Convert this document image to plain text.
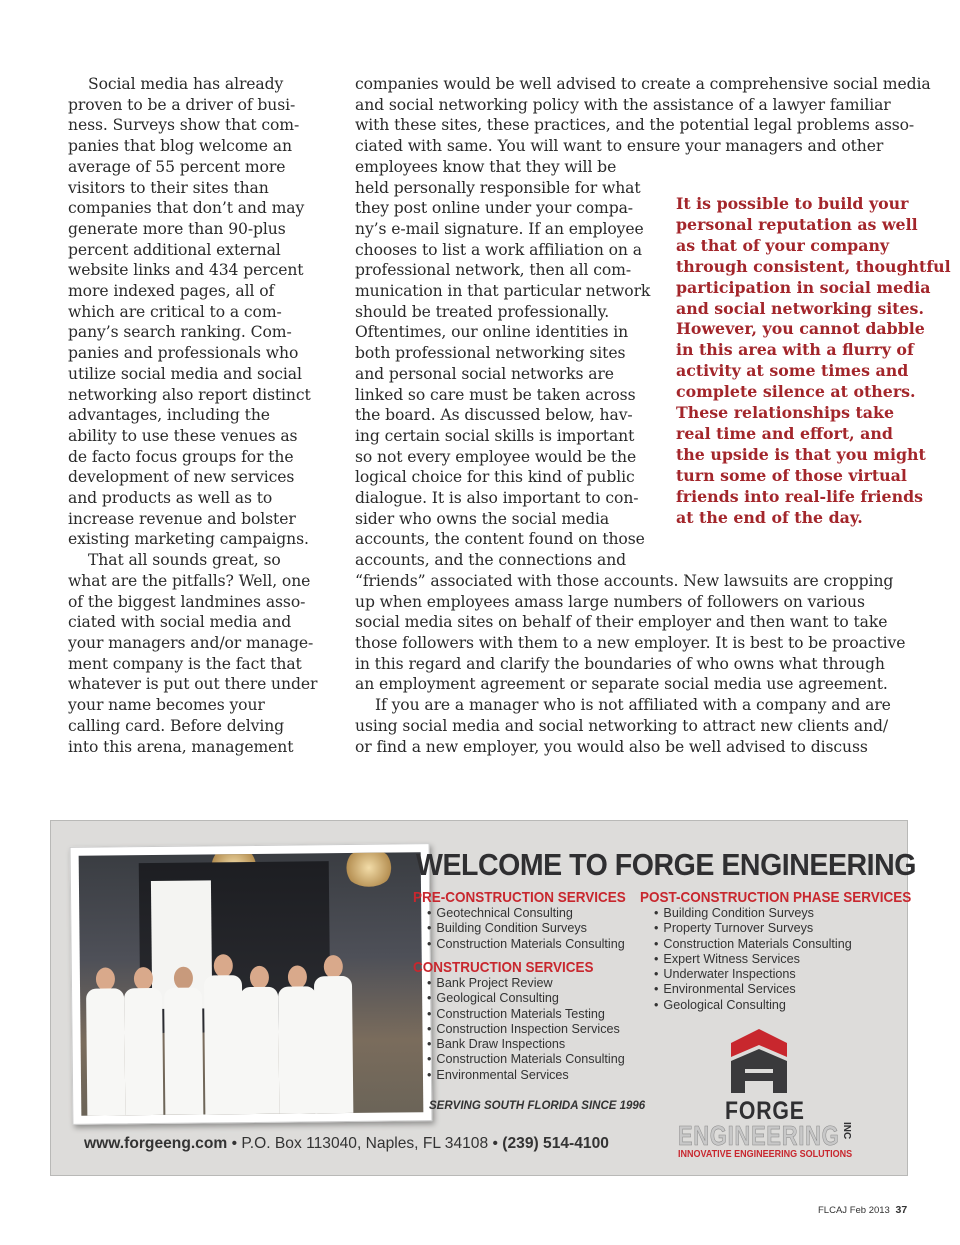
Social media has already
proven to be a driver of busi-
ness. Surveys show that com-
panies that blog welcome an
average of 55 percent more
visitors to their sites than
companies that don’t and may
generate more than 90-plus
percent additional external
website links and 434 percent
more indexed pages, all of
which are critical to a com-
pany’s search ranking. Com-
panies and professionals who
utilize social media and social
networking also report distinct
advantages, including the
ability to use these venues as
de facto focus groups for the
development of new services
and products as well as to
increase revenue and bolster
existing marketing campaigns.
That all sounds great, so
what are the pitfalls? Well, one
of the biggest landmines asso-
ciated with social media and
your managers and/or manage-
ment company is the fact that
whatever is put out there under
your name becomes your
calling card. Before delving
into this arena, management
companies would be well advised to create a comprehensive social media
and social networking policy with the assistance of a lawyer familiar
with these sites, these practices, and the potential legal problems asso-
ciated with same. You will want to ensure your managers and other
employees know that they will be
held personally responsible for what
they post online under your compa-
ny’s e-mail signature. If an employee
chooses to list a work affiliation on a
professional network, then all com-
munication in that particular network
should be treated professionally.
Oftentimes, our online identities in
both professional networking sites
and personal social networks are
linked so care must be taken across
the board. As discussed below, hav-
ing certain social skills is important
so not every employee would be the
logical choice for this kind of public
dialogue. It is also important to con-
sider who owns the social media
accounts, the content found on those
accounts, and the connections and
“friends” associated with those accounts. New lawsuits are cropping
up when employees amass large numbers of followers on various
social media sites on behalf of their employer and then want to take
those followers with them to a new employer. It is best to be proactive
in this regard and clarify the boundaries of who owns what through
an employment agreement or separate social media use agreement.
If you are a manager who is not affiliated with a company and are
using social media and social networking to attract new clients and/
or find a new employer, you would also be well advised to discuss
It is possible to build your
personal reputation as well
as that of your company
through consistent, thoughtful
participation in social media
and social networking sites.
However, you cannot dabble
in this area with a flurry of
activity at some times and
complete silence at others.
These relationships take
real time and effort, and
the upside is that you might
turn some of those virtual
friends into real-life friends
at the end of the day.
WELCOME TO FORGE ENGINEERING
PRE-CONSTRUCTION SERVICES
• Geotechnical Consulting
• Building Condition Surveys
• Construction Materials Consulting
CONSTRUCTION SERVICES
• Bank Project Review
• Geological Consulting
• Construction Materials Testing
• Construction Inspection Services
• Bank Draw Inspections
• Construction Materials Consulting
• Environmental Services
POST-CONSTRUCTION PHASE SERVICES
• Building Condition Surveys
• Property Turnover Surveys
• Construction Materials Consulting
• Expert Witness Services
• Underwater Inspections
• Environmental Services
• Geological Consulting
SERVING SOUTH FLORIDA SINCE 1996
www.forgeeng.com • P.O. Box 113040, Naples, FL 34108 • (239) 514-4100
FORGE
ENGINEERING INC
INNOVATIVE ENGINEERING SOLUTIONS
FLCAJ Feb 2013 37
